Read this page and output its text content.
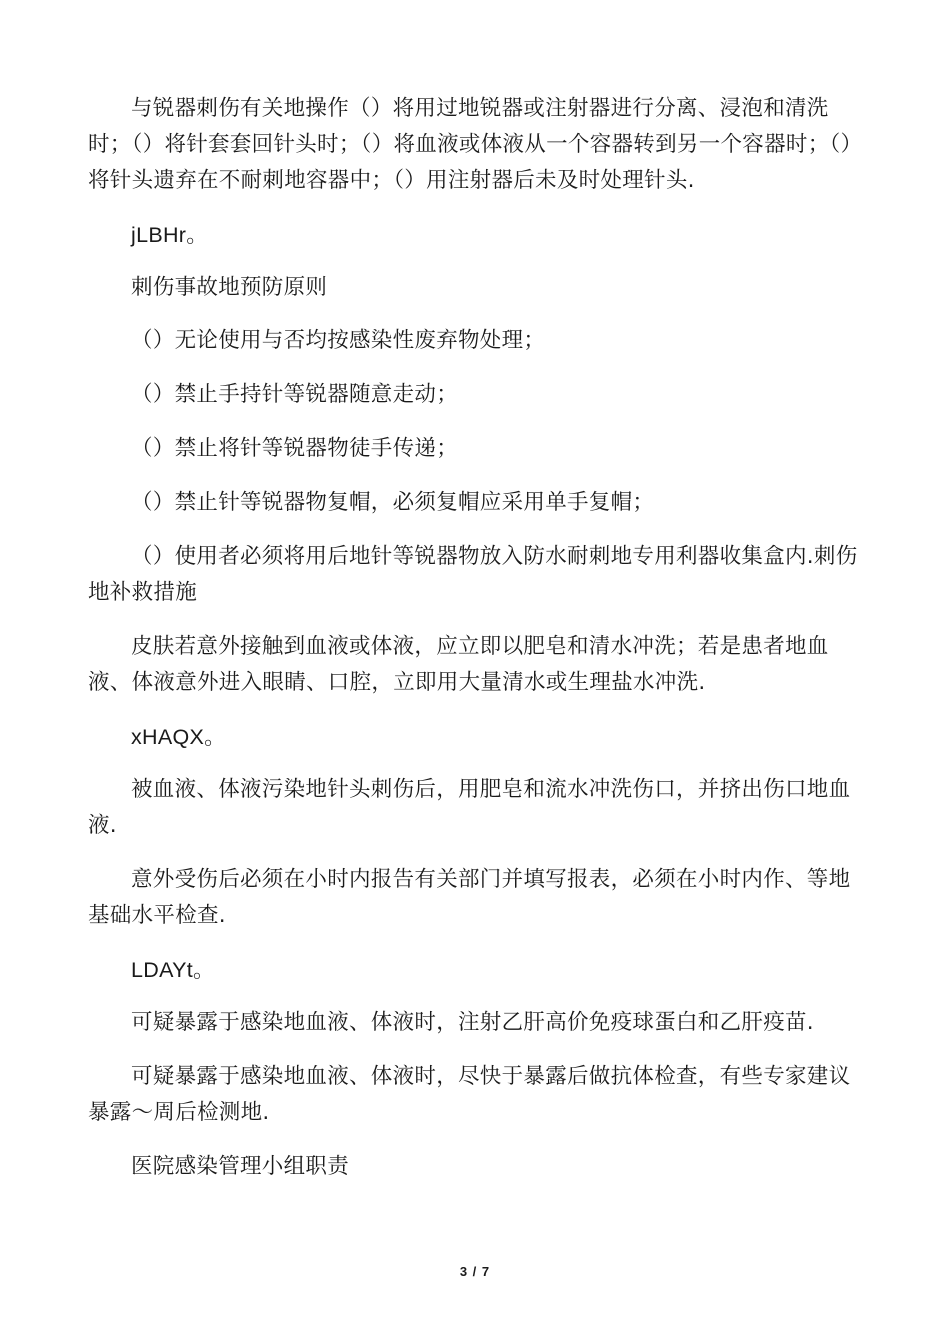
与锐器刺伤有关地操作（）将用过地锐器或注射器进行分离、浸泡和清洗时；（）将针套套回针头时；（）将血液或体液从一个容器转到另一个容器时；（）将针头遗弃在不耐刺地容器中；（）用注射器后未及时处理针头.

jLBHr。

刺伤事故地预防原则

（）无论使用与否均按感染性废弃物处理；

（）禁止手持针等锐器随意走动；

（）禁止将针等锐器物徒手传递；

（）禁止针等锐器物复帽，必须复帽应采用单手复帽；

（）使用者必须将用后地针等锐器物放入防水耐刺地专用利器收集盒内.刺伤地补救措施

皮肤若意外接触到血液或体液，应立即以肥皂和清水冲洗；若是患者地血液、体液意外进入眼睛、口腔，立即用大量清水或生理盐水冲洗.

xHAQX。

被血液、体液污染地针头刺伤后，用肥皂和流水冲洗伤口，并挤出伤口地血液.

意外受伤后必须在小时内报告有关部门并填写报表，必须在小时内作、等地基础水平检查.

LDAYt。

可疑暴露于感染地血液、体液时，注射乙肝高价免疫球蛋白和乙肝疫苗.

可疑暴露于感染地血液、体液时，尽快于暴露后做抗体检查，有些专家建议暴露～周后检测地.

医院感染管理小组职责

3 / 7
